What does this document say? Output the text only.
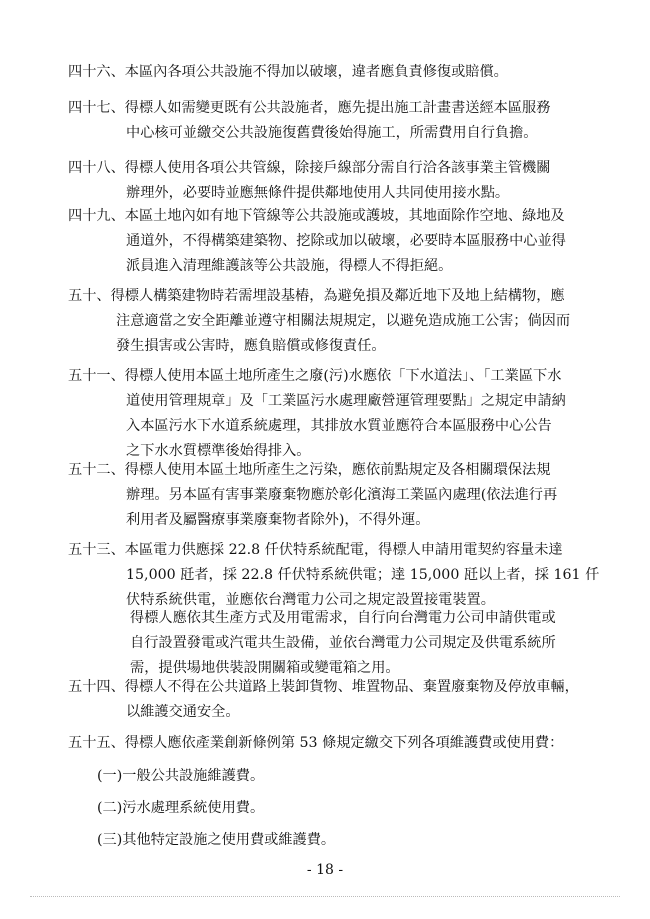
四十六、本區內各項公共設施不得加以破壞，違者應負責修復或賠償。
四十七、得標人如需變更既有公共設施者，應先提出施工計畫書送經本區服務
中心核可並繳交公共設施復舊費後始得施工，所需費用自行負擔。
四十八、得標人使用各項公共管線，除接戶線部分需自行洽各該事業主管機關
辦理外，必要時並應無條件提供鄰地使用人共同使用接水點。
四十九、本區土地內如有地下管線等公共設施或護坡，其地面除作空地、綠地及
通道外，不得構築建築物、挖除或加以破壞，必要時本區服務中心並得
派員進入清理維護該等公共設施，得標人不得拒絕。
五十、得標人構築建物時若需埋設基樁，為避免損及鄰近地下及地上結構物，應
注意適當之安全距離並遵守相關法規規定，以避免造成施工公害；倘因而
發生損害或公害時，應負賠償或修復責任。
五十一、得標人使用本區土地所產生之廢(污)水應依「下水道法」、「工業區下水
道使用管理規章」及「工業區污水處理廠營運管理要點」之規定申請納
入本區污水下水道系統處理，其排放水質並應符合本區服務中心公告
之下水水質標準後始得排入。
五十二、得標人使用本區土地所產生之污染，應依前點規定及各相關環保法規
辦理。另本區有害事業廢棄物應於彰化濱海工業區內處理(依法進行再
利用者及屬醫療事業廢棄物者除外)，不得外運。
五十三、本區電力供應採 22.8 仟伏特系統配電，得標人申請用電契約容量未達
15,000 瓩者，採 22.8 仟伏特系統供電；達 15,000 瓩以上者，採 161 仟
伏特系統供電，並應依台灣電力公司之規定設置接電裝置。
得標人應依其生產方式及用電需求，自行向台灣電力公司申請供電或
自行設置發電或汽電共生設備，並依台灣電力公司規定及供電系統所
需，提供場地供裝設開關箱或變電箱之用。
五十四、得標人不得在公共道路上裝卸貨物、堆置物品、棄置廢棄物及停放車輛，
以維護交通安全。
五十五、得標人應依產業創新條例第 53 條規定繳交下列各項維護費或使用費：
(一)一般公共設施維護費。
(二)污水處理系統使用費。
(三)其他特定設施之使用費或維護費。
- 18 -
